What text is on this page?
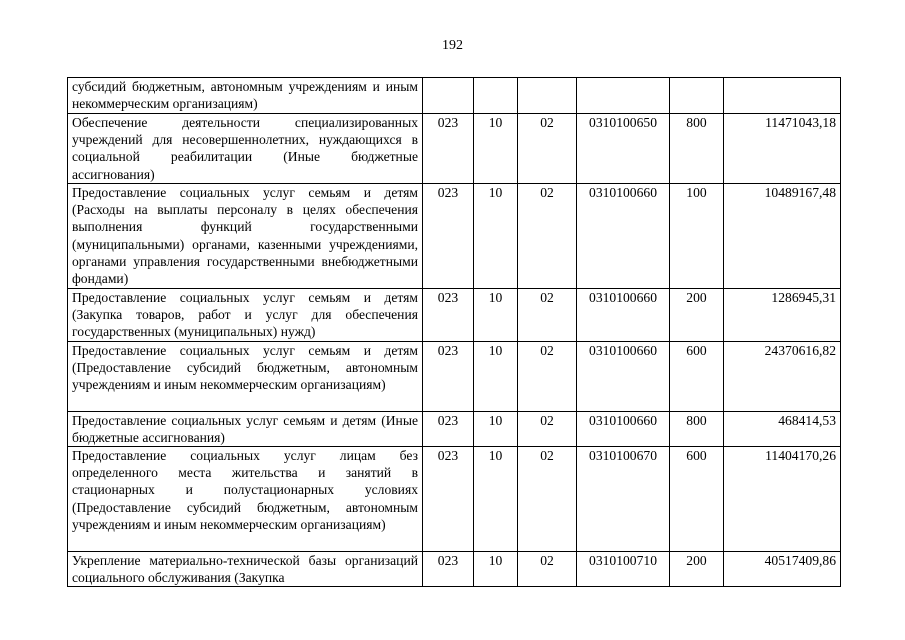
192
субсидий бюджетным, автономным учреждениям и иным некоммерческим организациям)						
Обеспечение деятельности специализированных учреждений для несовершеннолетних, нуждающихся в социальной реабилитации (Иные бюджетные ассигнования)	023	10	02	0310100650	800	11471043,18
Предоставление социальных услуг семьям и детям (Расходы на выплаты персоналу в целях обеспечения выполнения функций государственными (муниципальными) органами, казенными учреждениями, органами управления государственными внебюджетными фондами)	023	10	02	0310100660	100	10489167,48
Предоставление социальных услуг семьям и детям (Закупка товаров, работ и услуг для обеспечения государственных (муниципальных) нужд)	023	10	02	0310100660	200	1286945,31
Предоставление социальных услуг семьям и детям (Предоставление субсидий бюджетным, автономным учреждениям и иным некоммерческим организациям)	023	10	02	0310100660	600	24370616,82
Предоставление социальных услуг семьям и детям (Иные бюджетные ассигнования)	023	10	02	0310100660	800	468414,53
Предоставление социальных услуг лицам без определенного места жительства и занятий в стационарных и полустационарных условиях (Предоставление субсидий бюджетным, автономным учреждениям и иным некоммерческим организациям)	023	10	02	0310100670	600	11404170,26
Укрепление материально-технической базы организаций социального обслуживания (Закупка	023	10	02	0310100710	200	40517409,86
